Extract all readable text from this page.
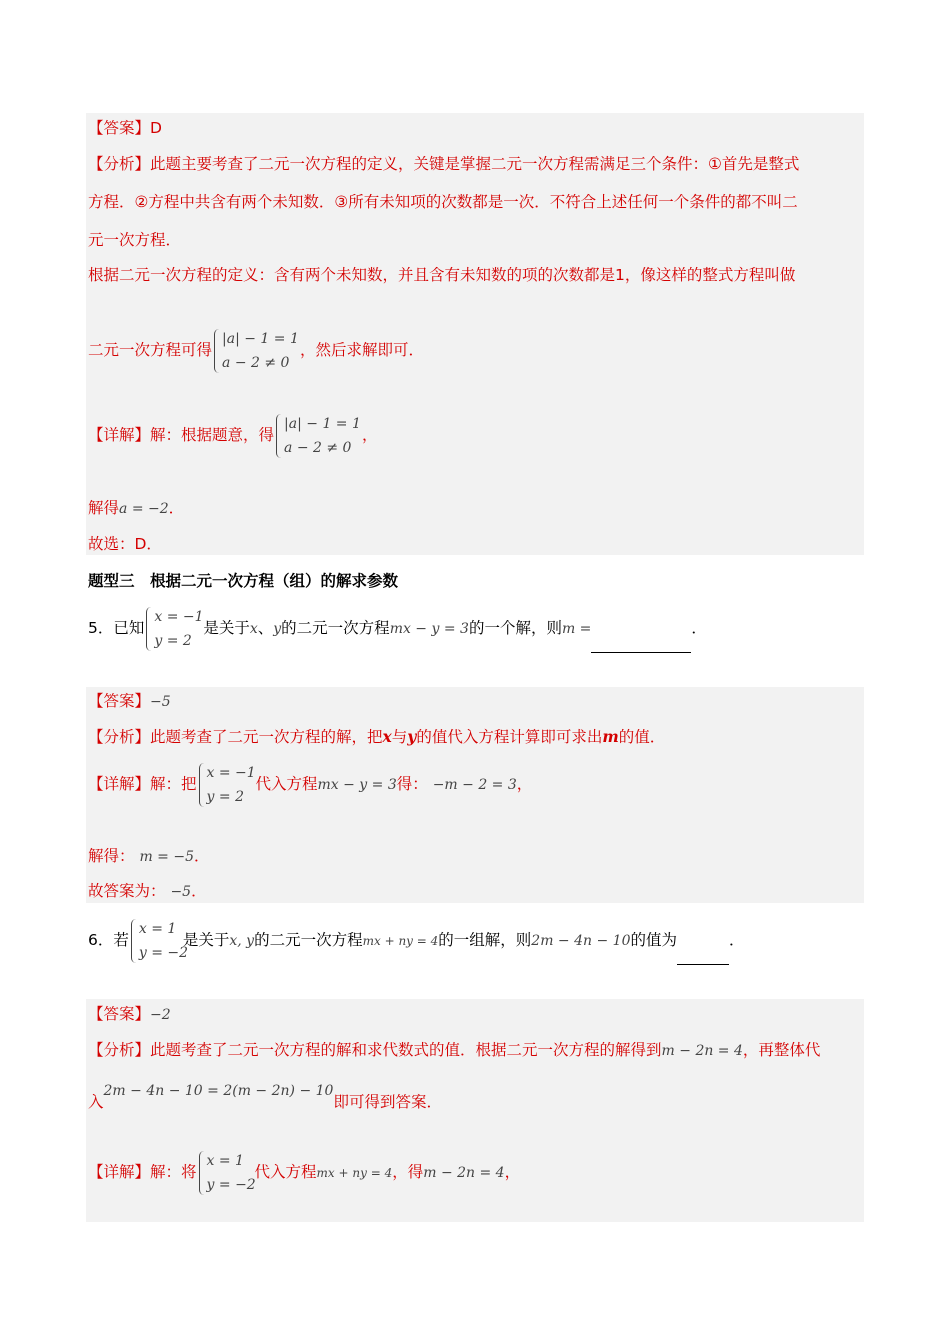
【答案】D
【分析】此题主要考查了二元一次方程的定义，关键是掌握二元一次方程需满足三个条件：①首先是整式
方程．②方程中共含有两个未知数．③所有未知项的次数都是一次．不符合上述任何一个条件的都不叫二
元一次方程．
根据二元一次方程的定义：含有两个未知数，并且含有未知数的项的次数都是1，像这样的整式方程叫做
二元一次方程可得
|a| − 1 = 1
a − 2 ≠ 0
，然后求解即可．
【详解】解：根据题意，得
|a| − 1 = 1
a − 2 ≠ 0
，
解得a = −2．
故选：D．
题型三　根据二元一次方程（组）的解求参数
5．已知
x = −1
y = 2
是关于x、y的二元一次方程mx − y = 3的一个解，则m =	．
【答案】−5
【分析】此题考查了二元一次方程的解，把x与y的值代入方程计算即可求出m的值．
【详解】解：把
x = −1
y = 2
代入方程mx − y = 3得： −m − 2 = 3，
解得： m = −5．
故答案为： −5．
6．若
x = 1
y = −2
是关于x, y的二元一次方程mx + ny = 4的一组解，则2m − 4n − 10的值为	．
【答案】−2
【分析】此题考查了二元一次方程的解和求代数式的值．根据二元一次方程的解得到m − 2n = 4，再整体代
入2m − 4n − 10 = 2(m − 2n) − 10即可得到答案．
【详解】解：将
x = 1
y = −2
代入方程mx + ny = 4，得m − 2n = 4，
